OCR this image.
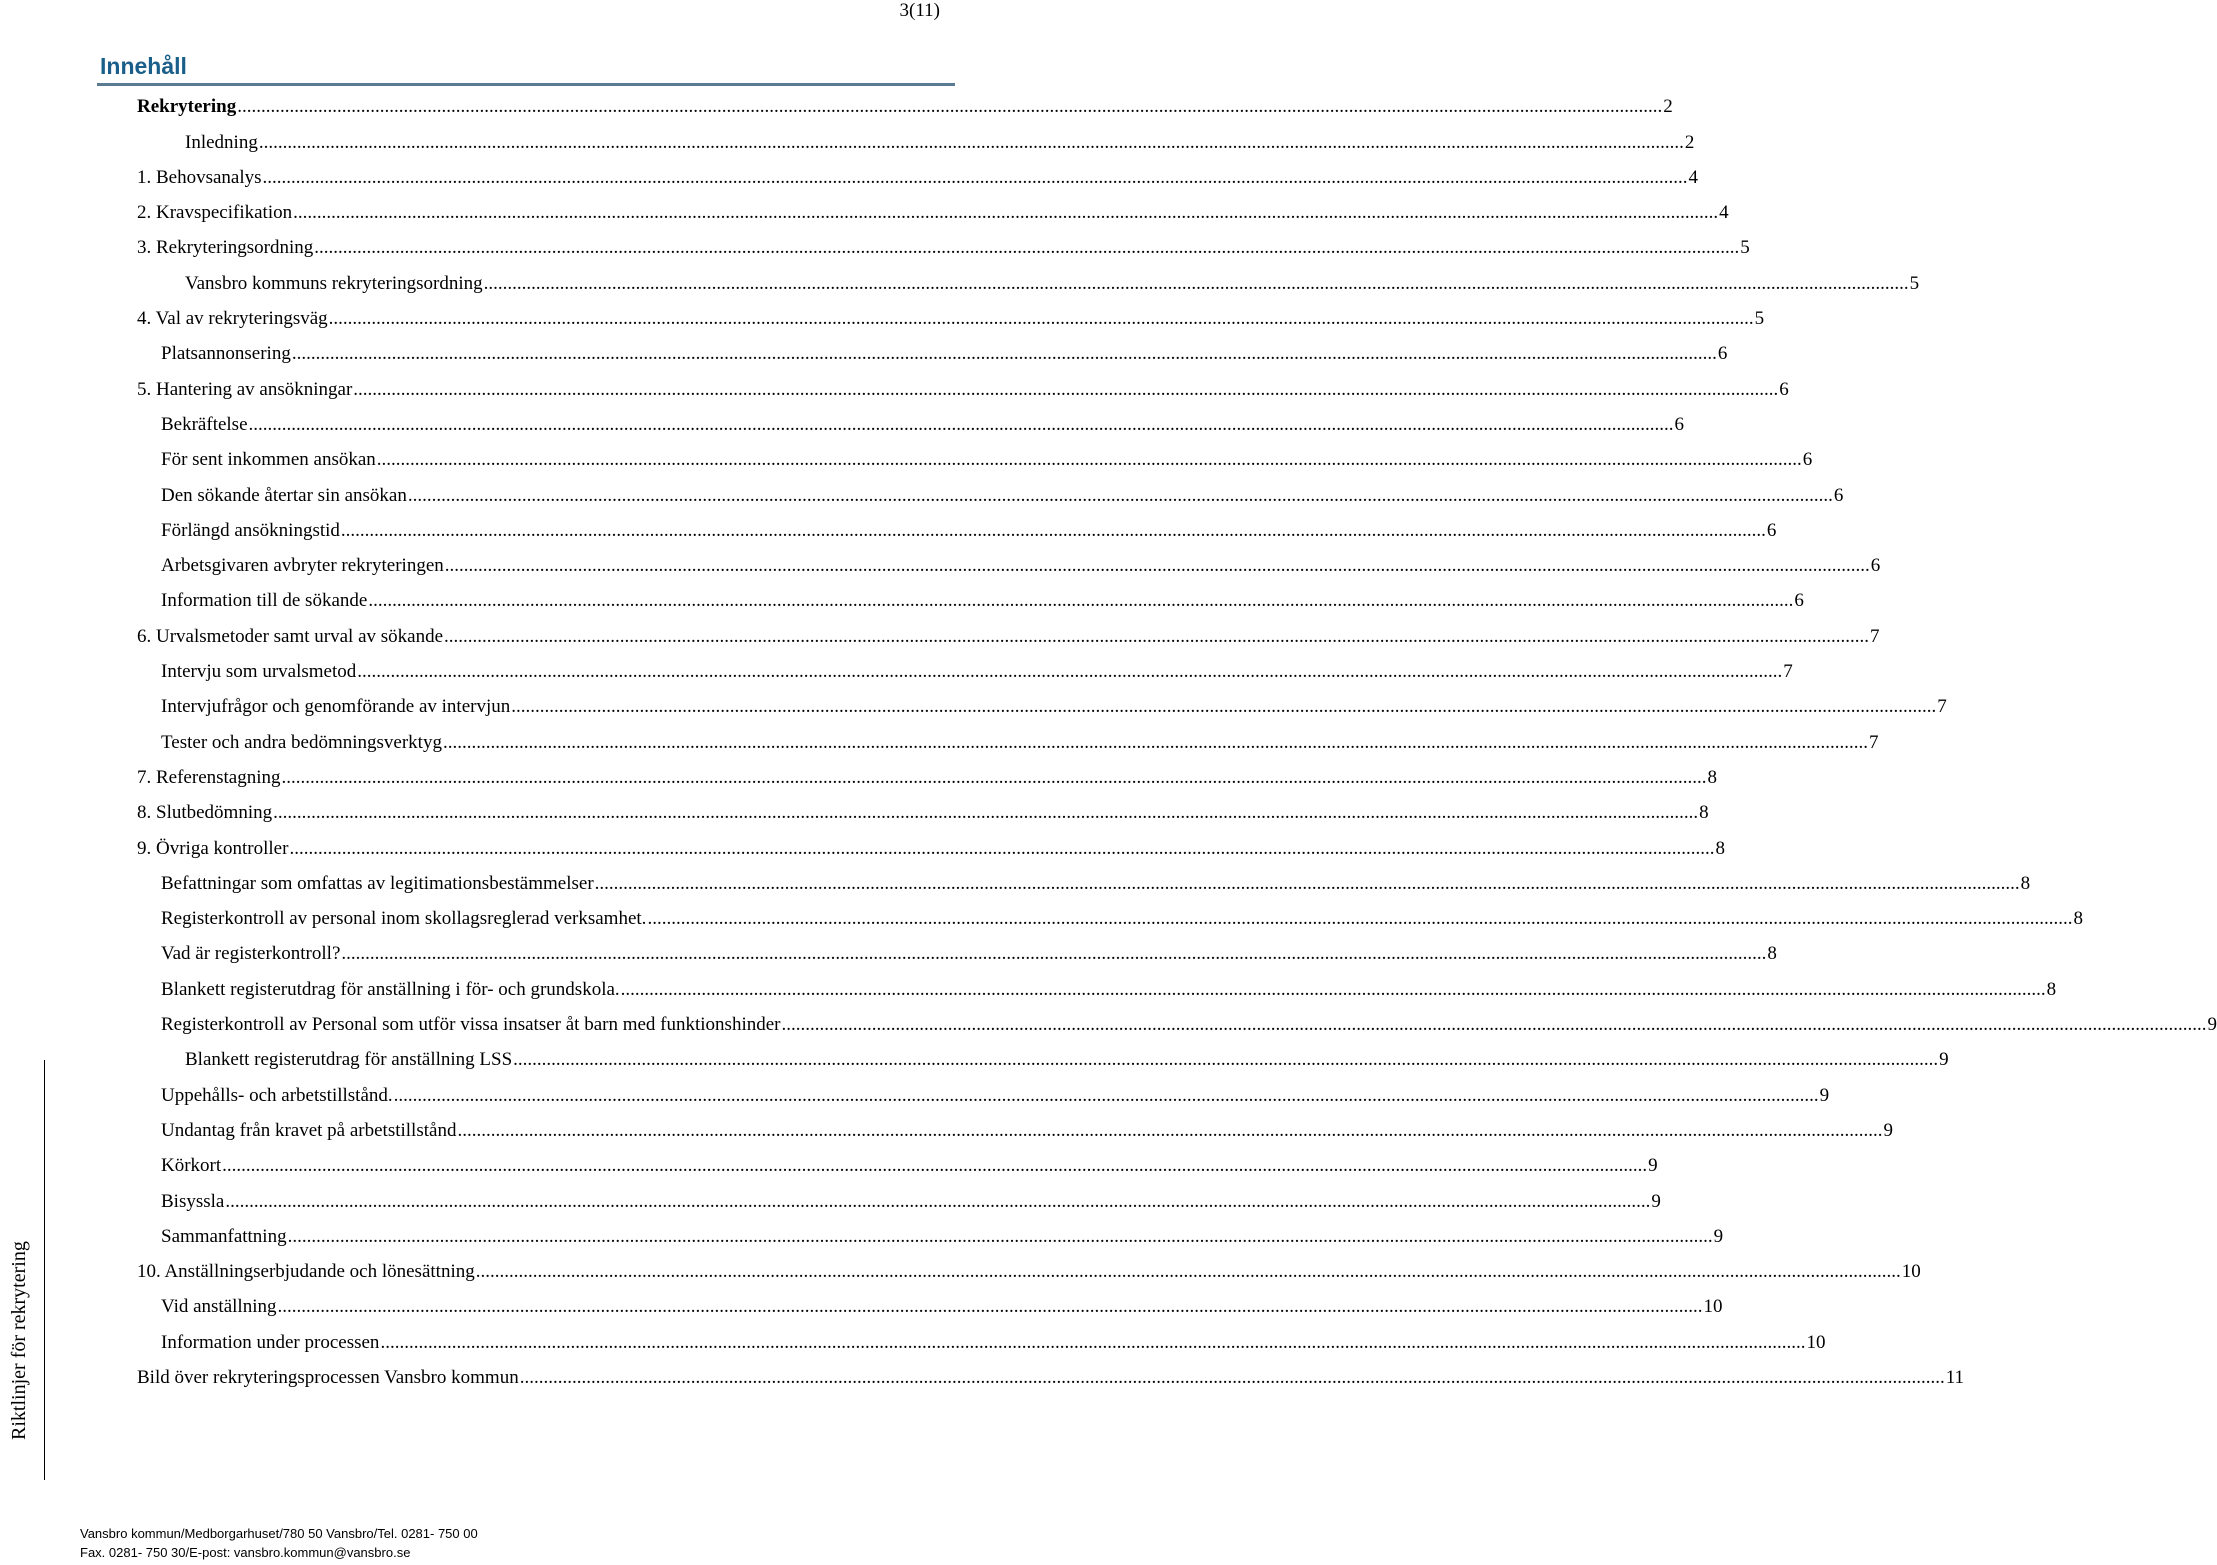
3(11)
Innehåll
Rekrytering ............................................................................................................................................................................................................................................................................................................ 2
Inledning ............................................................................................................................................................................................................................................................................................................ 2
1. Behovsanalys ............................................................................................................................................................................................................................................................................................................ 4
2. Kravspecifikation ............................................................................................................................................................................................................................................................................................................ 4
3. Rekryteringsordning ............................................................................................................................................................................................................................................................................................................ 5
Vansbro kommuns rekryteringsordning ............................................................................................................................................................................................................................................................................................................ 5
4. Val av rekryteringsväg ............................................................................................................................................................................................................................................................................................................ 5
Platsannonsering ............................................................................................................................................................................................................................................................................................................ 6
5. Hantering av ansökningar ............................................................................................................................................................................................................................................................................................................ 6
Bekräftelse ............................................................................................................................................................................................................................................................................................................ 6
För sent inkommen ansökan ............................................................................................................................................................................................................................................................................................................ 6
Den sökande återtar sin ansökan ............................................................................................................................................................................................................................................................................................................ 6
Förlängd ansökningstid ............................................................................................................................................................................................................................................................................................................ 6
Arbetsgivaren avbryter rekryteringen ............................................................................................................................................................................................................................................................................................................ 6
Information till de sökande ............................................................................................................................................................................................................................................................................................................ 6
6. Urvalsmetoder samt urval av sökande ............................................................................................................................................................................................................................................................................................................ 7
Intervju som urvalsmetod ............................................................................................................................................................................................................................................................................................................ 7
Intervjufrågor och genomförande av intervjun ............................................................................................................................................................................................................................................................................................................ 7
Tester och andra bedömningsverktyg ............................................................................................................................................................................................................................................................................................................ 7
7. Referenstagning ............................................................................................................................................................................................................................................................................................................ 8
8. Slutbedömning ............................................................................................................................................................................................................................................................................................................ 8
9. Övriga kontroller ............................................................................................................................................................................................................................................................................................................ 8
Befattningar som omfattas av legitimationsbestämmelser ............................................................................................................................................................................................................................................................................................................ 8
Registerkontroll av personal inom skollagsreglerad verksamhet. ............................................................................................................................................................................................................................................................................................................ 8
Vad är registerkontroll? ............................................................................................................................................................................................................................................................................................................ 8
Blankett registerutdrag för anställning i för- och grundskola. ............................................................................................................................................................................................................................................................................................................ 8
Registerkontroll av Personal som utför vissa insatser åt barn med funktionshinder ............................................................................................................................................................................................................................................................................................................ 9
Blankett registerutdrag för anställning LSS ............................................................................................................................................................................................................................................................................................................ 9
Uppehålls- och arbetstillstånd. ............................................................................................................................................................................................................................................................................................................ 9
Undantag från kravet på arbetstillstånd ............................................................................................................................................................................................................................................................................................................ 9
Körkort ............................................................................................................................................................................................................................................................................................................ 9
Bisyssla ............................................................................................................................................................................................................................................................................................................ 9
Sammanfattning ............................................................................................................................................................................................................................................................................................................ 9
10. Anställningserbjudande och lönesättning ............................................................................................................................................................................................................................................................................................................ 10
Vid anställning ............................................................................................................................................................................................................................................................................................................ 10
Information under processen ............................................................................................................................................................................................................................................................................................................ 10
Bild över rekryteringsprocessen Vansbro kommun ............................................................................................................................................................................................................................................................................................................ 11
Riktlinjer för rekrytering
Vansbro kommun/Medborgarhuset/780 50 Vansbro/Tel. 0281- 750 00
Fax. 0281- 750 30/E-post: vansbro.kommun@vansbro.se
